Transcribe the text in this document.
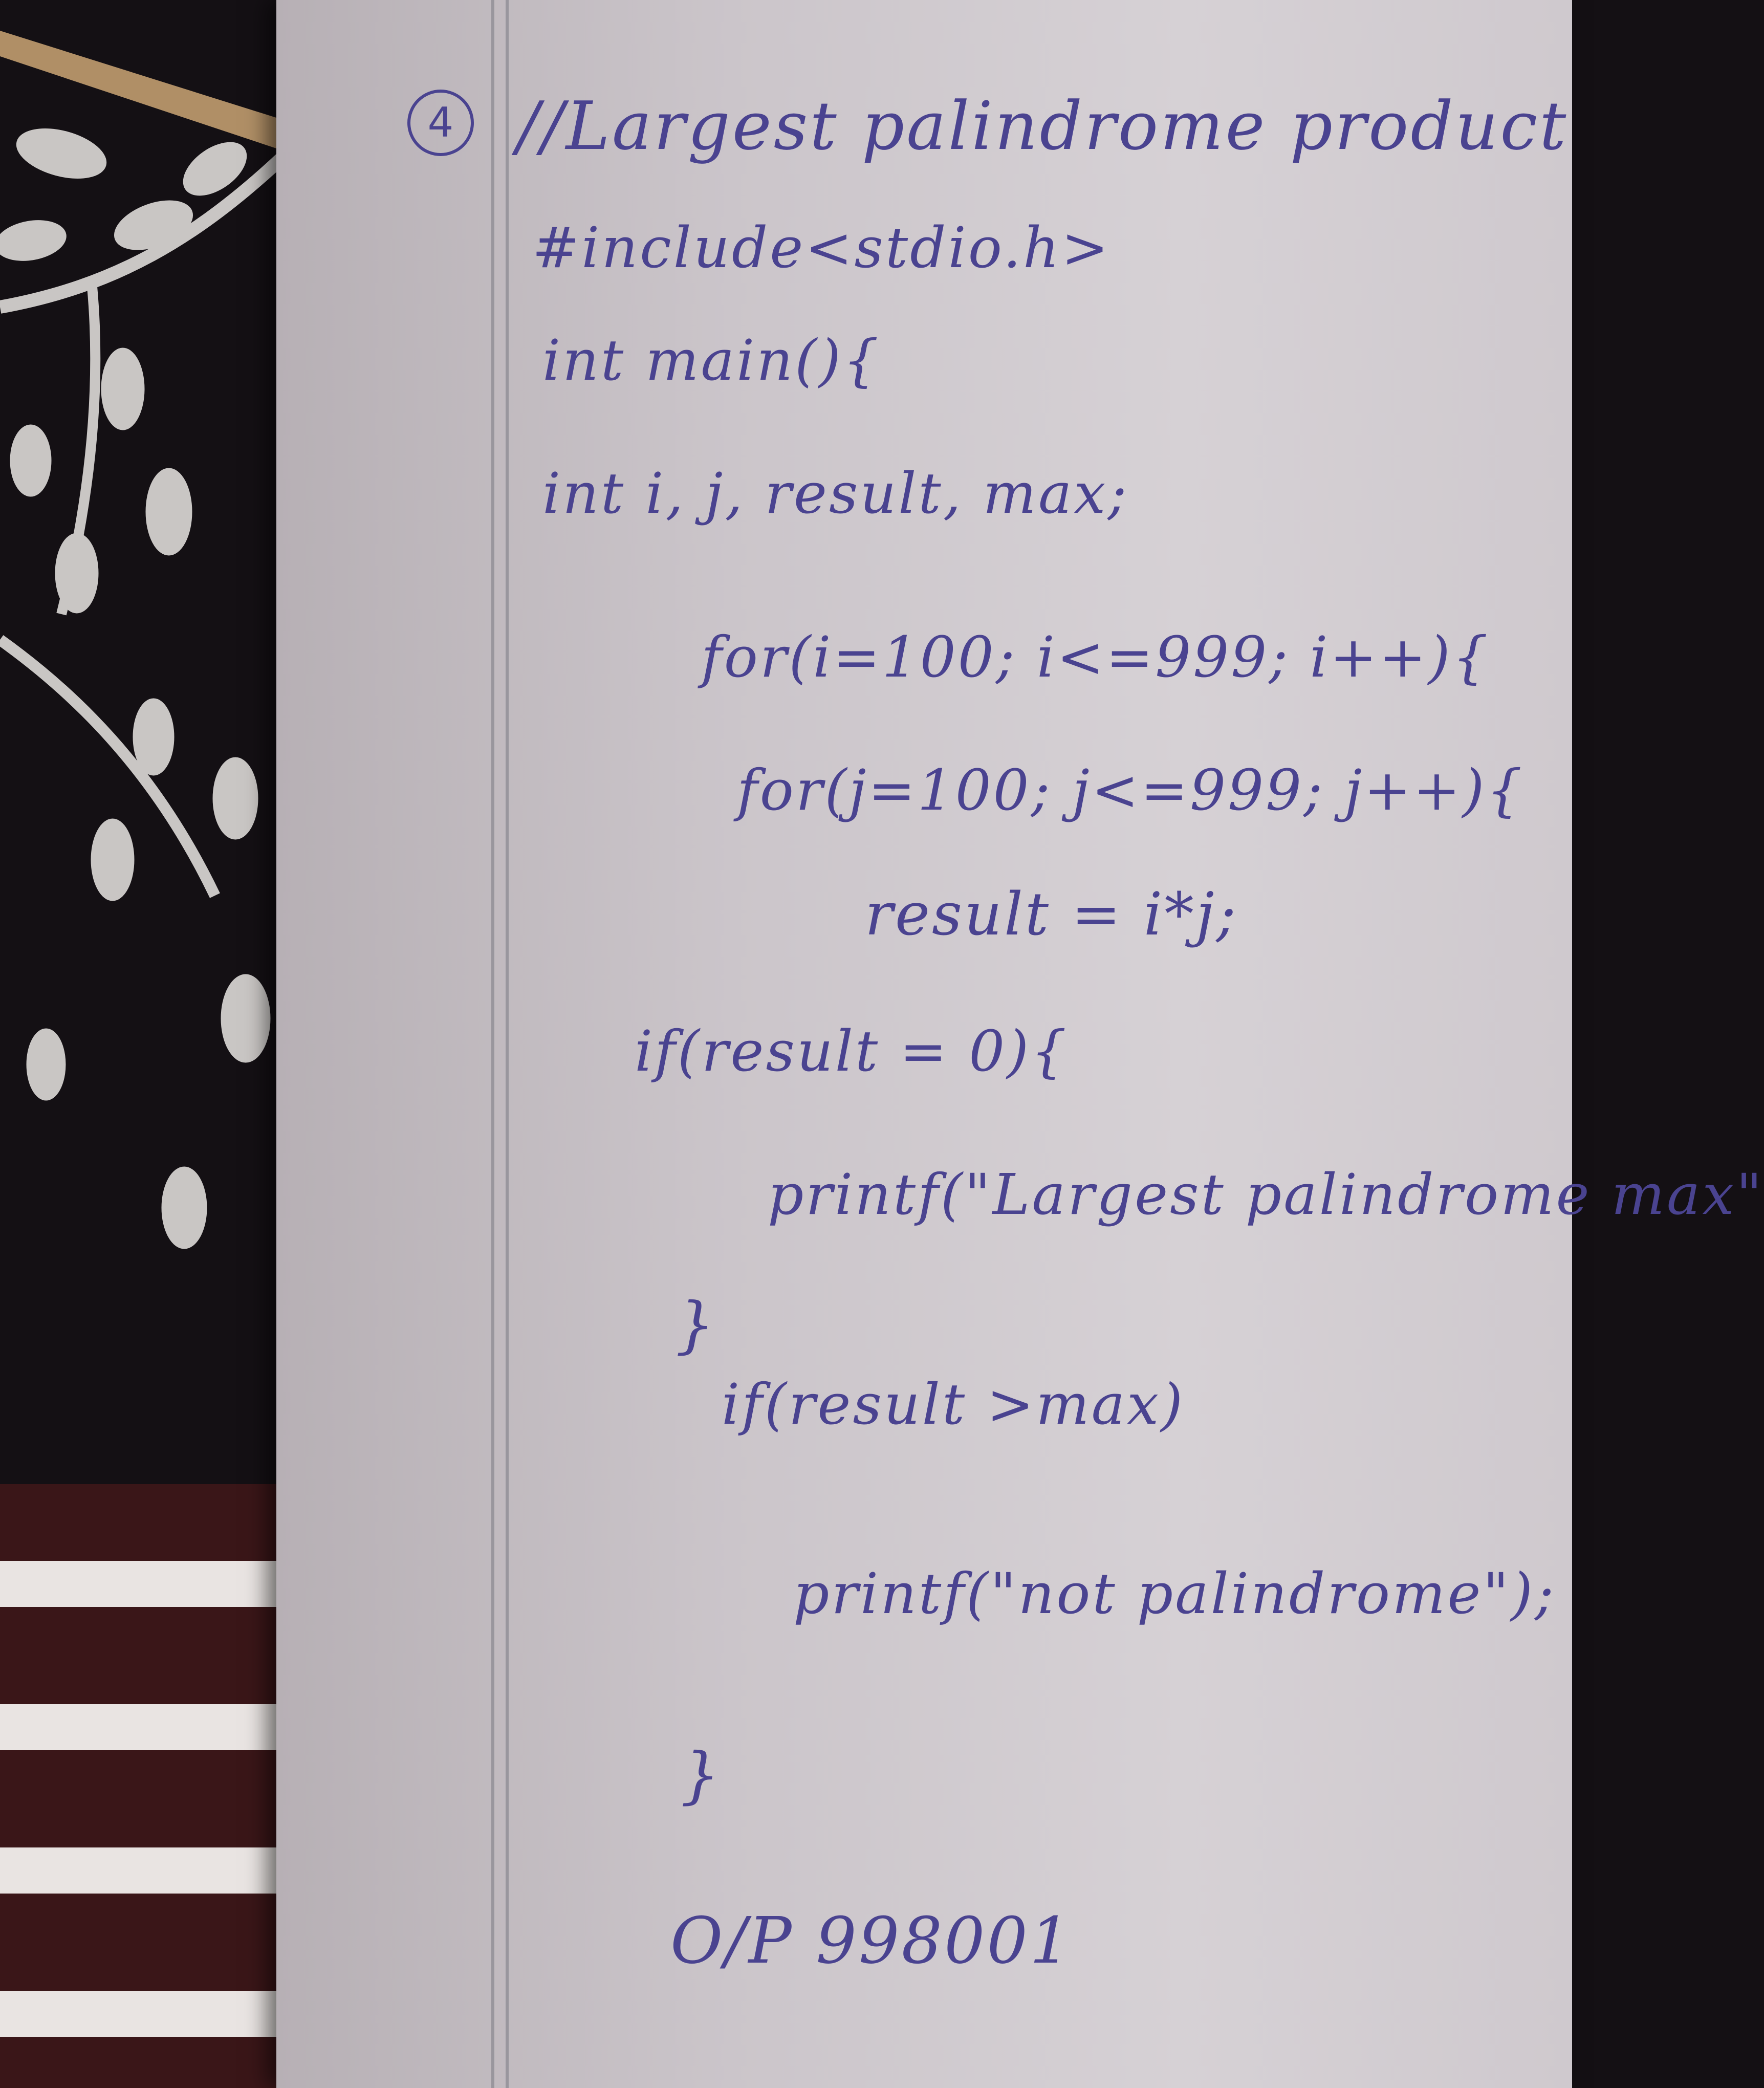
4 //Largest palindrome product
#include<stdio.h>
int main(){
int i, j, result, max;
for(i=100; i<=999; i++){
for(j=100; j<=999; j++){
result = i*j;
if(result = 0){
printf("Largest palindrome max"
}
if(result >max)
printf("not palindrome");
}
O/P 998001
